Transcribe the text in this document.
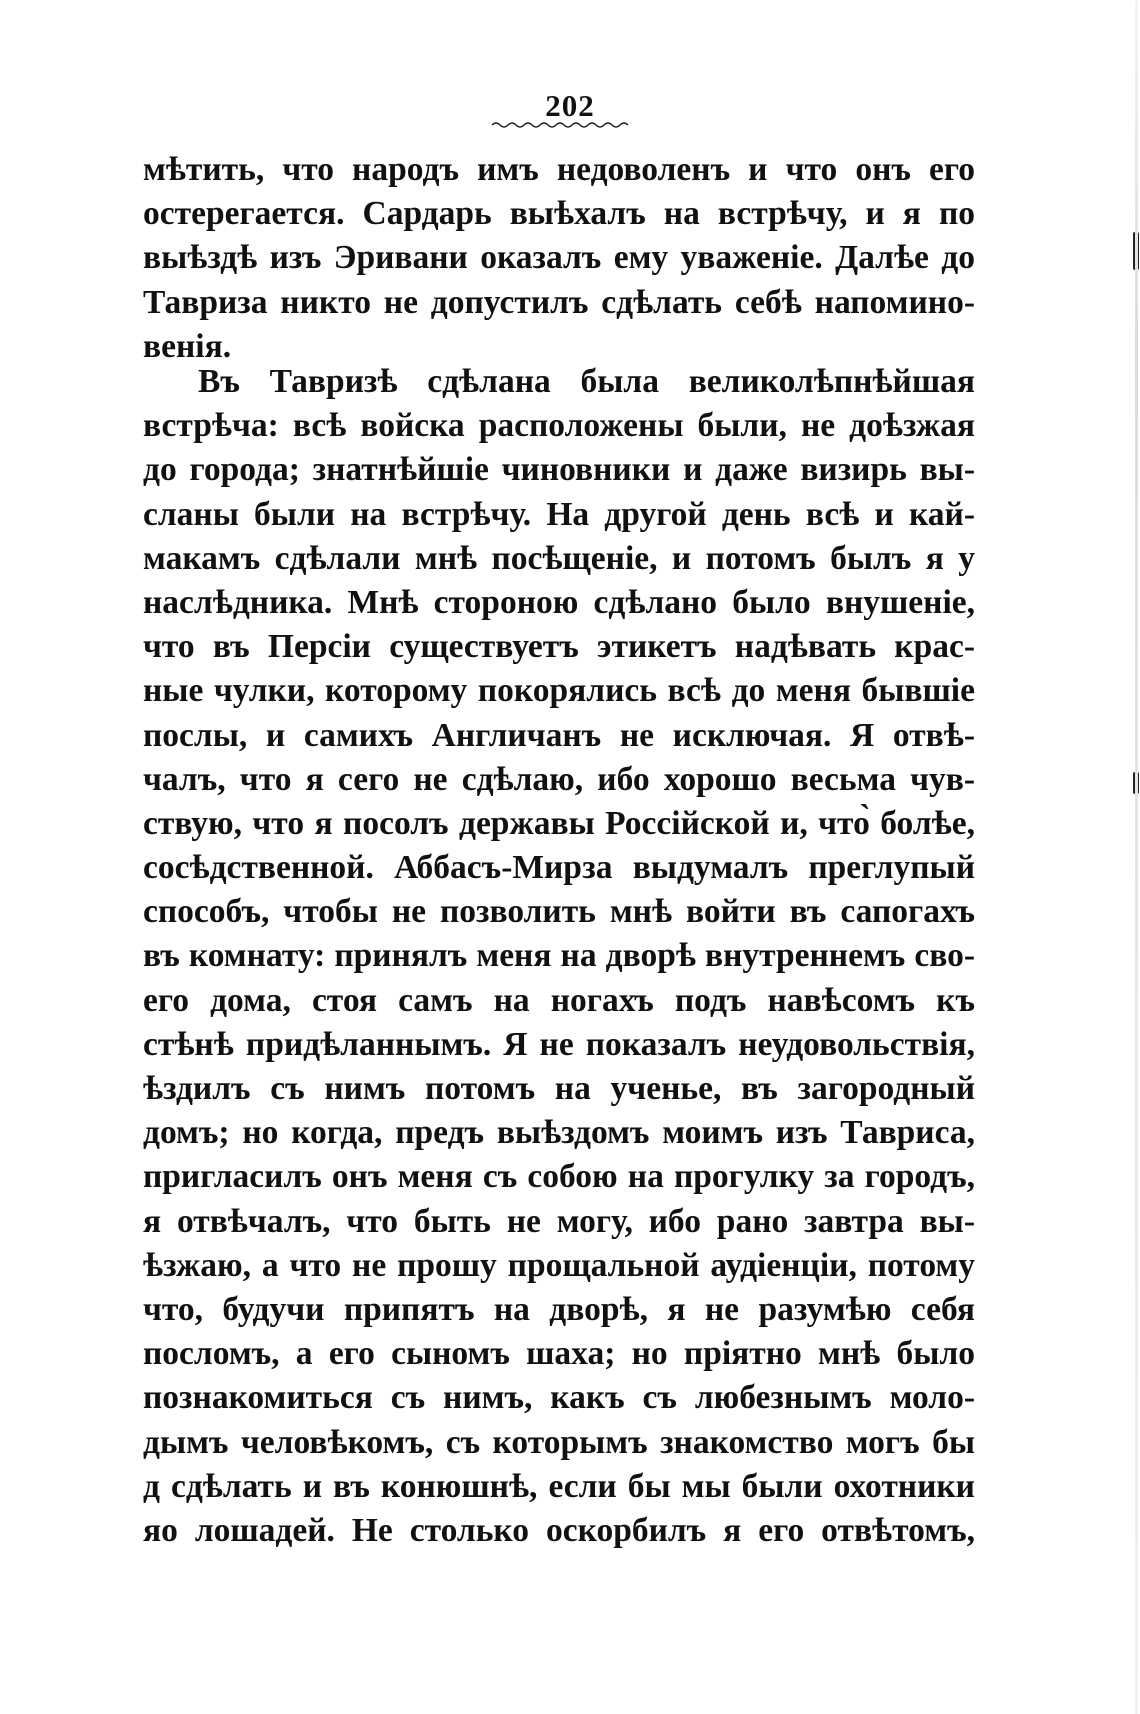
202

мѣтить, что народъ имъ недоволенъ и что онъ его
остерегается. Сардарь выѣхалъ на встрѣчу, и я по
выѣздѣ изъ Эривани оказалъ ему уваженіе. Далѣе до
Тавриза никто не допустилъ сдѣлать себѣ напомино-
венія.

Въ Тавризѣ сдѣлана была великолѣпнѣйшая
встрѣча: всѣ войска расположены были, не доѣзжая
до города; знатнѣйшіе чиновники и даже визирь вы-
сланы были на встрѣчу. На другой день всѣ и кай-
макамъ сдѣлали мнѣ посѣщеніе, и потомъ былъ я у
наслѣдника. Мнѣ стороною сдѣлано было внушеніе,
что въ Персіи существуетъ этикетъ надѣвать крас-
ные чулки, которому покорялись всѣ до меня бывшіе
послы, и самихъ Англичанъ не исключая. Я отвѣ-
чалъ, что я сего не сдѣлаю, ибо хорошо весьма чув-
ствую, что я посолъ державы Россійской и, что̀ болѣе,
сосѣдственной. Аббасъ-Мирза выдумалъ преглупый
способъ, чтобы не позволить мнѣ войти въ сапогахъ
въ комнату: принялъ меня на дворѣ внутреннемъ сво-
его дома, стоя самъ на ногахъ подъ навѣсомъ къ
стѣнѣ придѣланнымъ. Я не показалъ неудовольствія,
ѣздилъ съ нимъ потомъ на ученье, въ загородный
домъ; но когда, предъ выѣздомъ моимъ изъ Тавриса,
пригласилъ онъ меня съ собою на прогулку за городъ,
я отвѣчалъ, что быть не могу, ибо рано завтра вы-
ѣзжаю, а что не прошу прощальной аудіенціи, потому
что, будучи припятъ на дворѣ, я не разумѣю себя
посломъ, а его сыномъ шаха; но пріятно мнѣ было
познакомиться съ нимъ, какъ съ любезнымъ моло-
дымъ человѣкомъ, съ которымъ знакомство могъ бы
д сдѣлать и въ конюшнѣ, если бы мы были охотники
яо лошадей. Не столько оскорбилъ я его отвѣтомъ,
